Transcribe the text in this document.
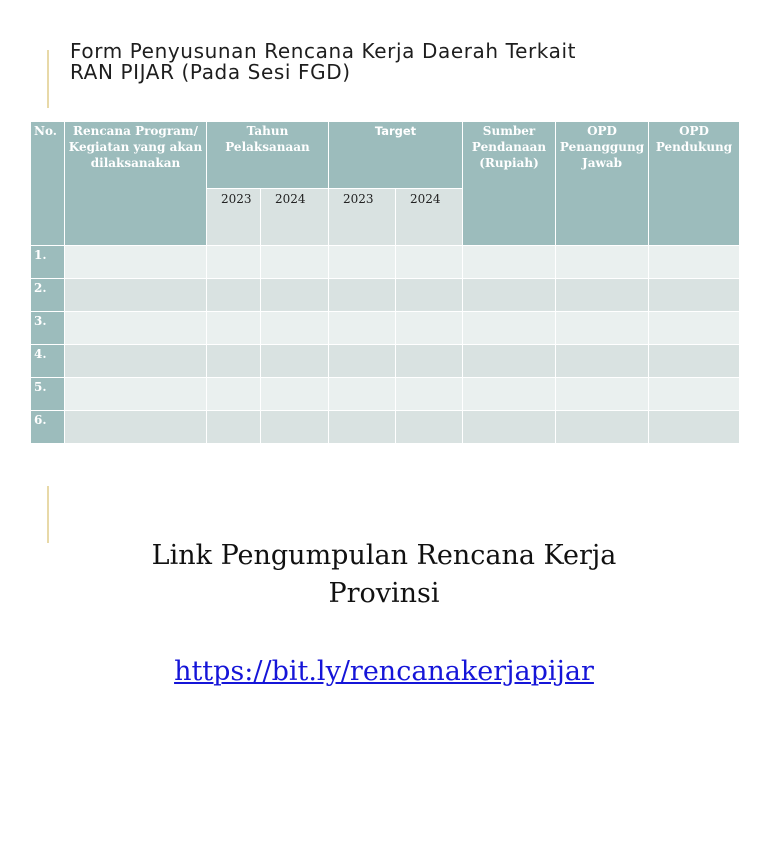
Form Penyusunan Rencana Kerja Daerah Terkait
RAN PIJAR (Pada Sesi FGD)
No.	Rencana Program/ Kegiatan yang akan dilaksanakan	Tahun Pelaksanaan		Target		Sumber Pendanaan (Rupiah)	OPD Penanggung Jawab	OPD Pendukung
		2023	2024	2023	2024			
1.								
2.								
3.								
4.								
5.								
6.								
Link Pengumpulan Rencana Kerja
Provinsi
https://bit.ly/rencanakerjapijar
